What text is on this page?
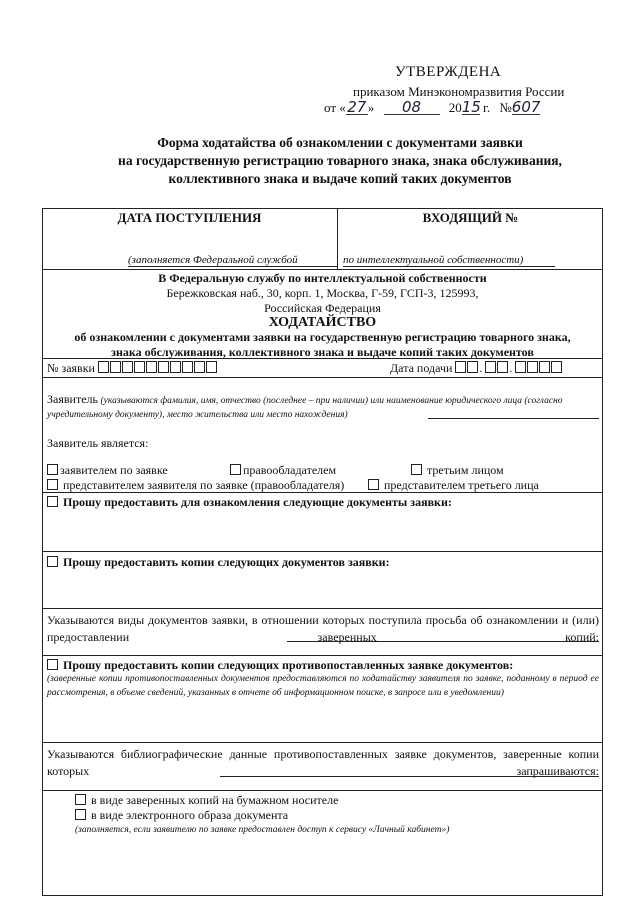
УТВЕРЖДЕНА
приказом Минэкономразвития России
от «27» 08 2015 г. №607
Форма ходатайства об ознакомлении с документами заявки
на государственную регистрацию товарного знака, знака обслуживания,
коллективного знака и выдаче копий таких документов
ДАТА ПОСТУПЛЕНИЯ	ВХОДЯЩИЙ №
(заполняется Федеральной службой	по интеллектуальной собственности)
В Федеральную службу по интеллектуальной собственности
Бережковская наб., 30, корп. 1, Москва, Г-59, ГСП-3, 125993,
Российская Федерация
ХОДАТАЙСТВО
об ознакомлении с документами заявки на государственную регистрацию товарного знака,
знака обслуживания, коллективного знака и выдаче копий таких документов
№ заявки	Дата подачи . .
Заявитель (указываются фамилия, имя, отчество (последнее – при наличии) или наименование юридического лица (согласно учредительному документу), место жительства или место нахождения)
Заявитель является:
заявителем по заявке	правообладателем	третьим лицом
представителем заявителя по заявке (правообладателя)	представителем третьего лица
Прошу предоставить для ознакомления следующие документы заявки:
Прошу предоставить копии следующих документов заявки:
Указываются виды документов заявки, в отношении которых поступила просьба об ознакомлении и (или) предоставлении заверенных копий:
Прошу предоставить копии следующих противопоставленных заявке документов:
(заверенные копии противопоставленных документов предоставляются по ходатайству заявителя по заявке, поданному в период ее рассмотрения, в объеме сведений, указанных в отчете об информационном поиске, в запросе или в уведомлении)
Указываются библиографические данные противопоставленных заявке документов, заверенные копии которых запрашиваются:
в виде заверенных копий на бумажном носителе
в виде электронного образа документа
(заполняется, если заявителю по заявке предоставлен доступ к сервису «Личный кабинет»)
